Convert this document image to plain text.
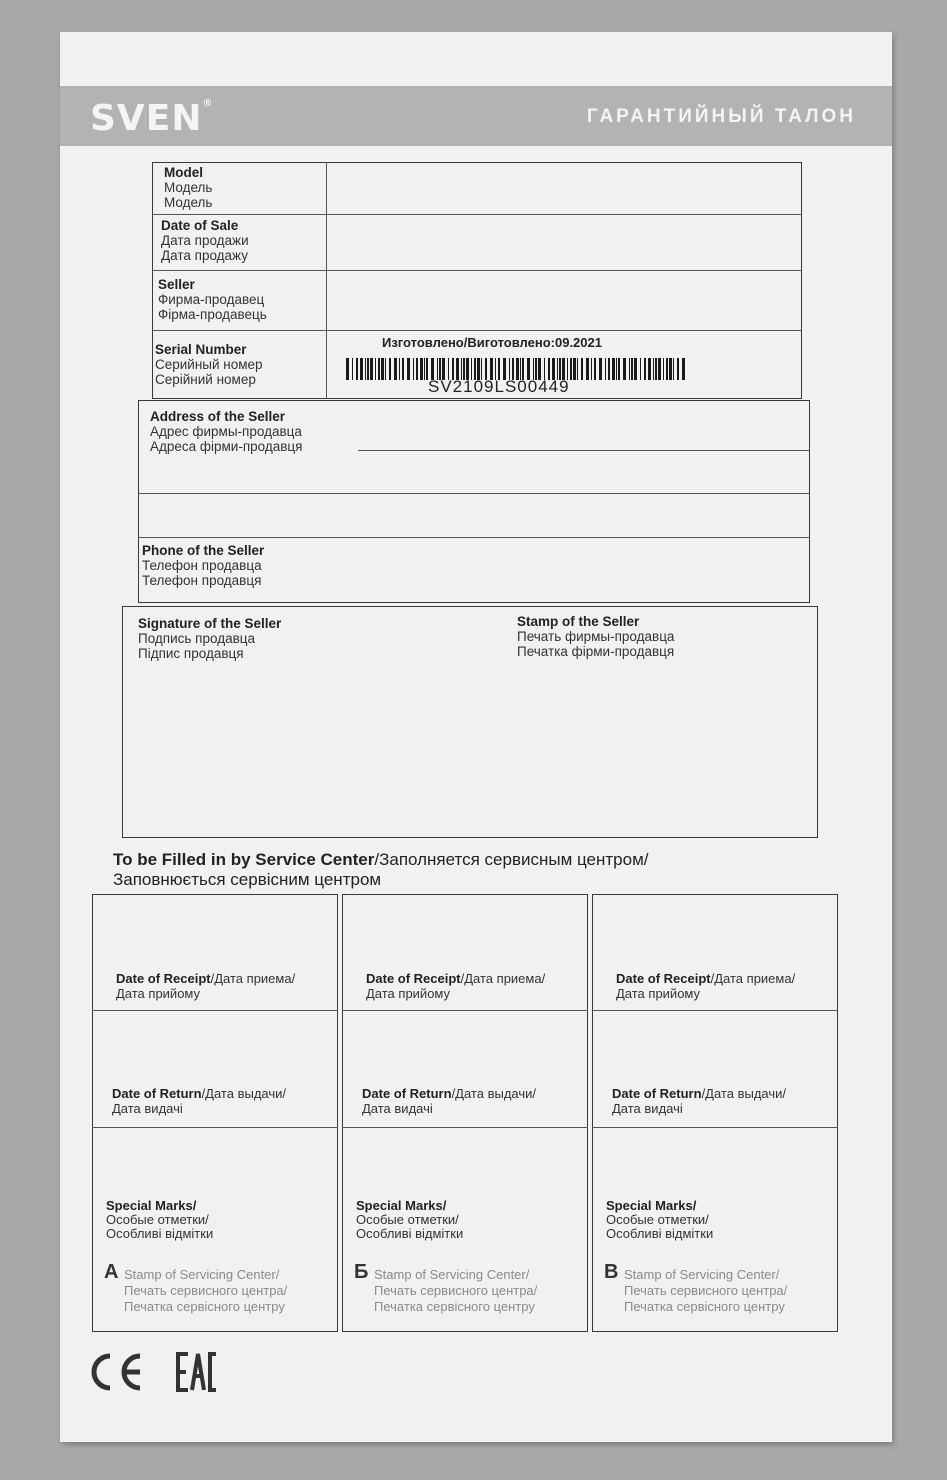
SVEN®
ГАРАНТИЙНЫЙ ТАЛОН
Model
Модель
Модель
Date of Sale
Дата продажи
Дата продажу
Seller
Фирма-продавец
Фірма-продавець
Serial Number
Серийный номер
Серійний номер
Изготовлено/Виготовлено:09.2021
SV2109LS00449
Address of the Seller
Адрес фирмы-продавца
Адреса фірми-продавця
Phone of the Seller
Телефон продавца
Телефон продавця
Signature of the Seller
Подпись продавца
Підпис продавця
Stamp of the Seller
Печать фирмы-продавца
Печатка фірми-продавця
To be Filled in by Service Center/Заполняется сервисным центром/
Заповнюється сервісним центром
Date of Receipt/Дата приема/
Дата прийому
Date of Return/Дата выдачи/
Дата видачі
Special Marks/
Особые отметки/
Особливі відмітки
A Stamp of Servicing Center/
Печать сервисного центра/
Печатка сервісного центру
Date of Receipt/Дата приема/
Дата прийому
Date of Return/Дата выдачи/
Дата видачі
Special Marks/
Особые отметки/
Особливі відмітки
Б Stamp of Servicing Center/
Печать сервисного центра/
Печатка сервісного центру
Date of Receipt/Дата приема/
Дата прийому
Date of Return/Дата выдачи/
Дата видачі
Special Marks/
Особые отметки/
Особливі відмітки
В Stamp of Servicing Center/
Печать сервисного центра/
Печатка сервісного центру
